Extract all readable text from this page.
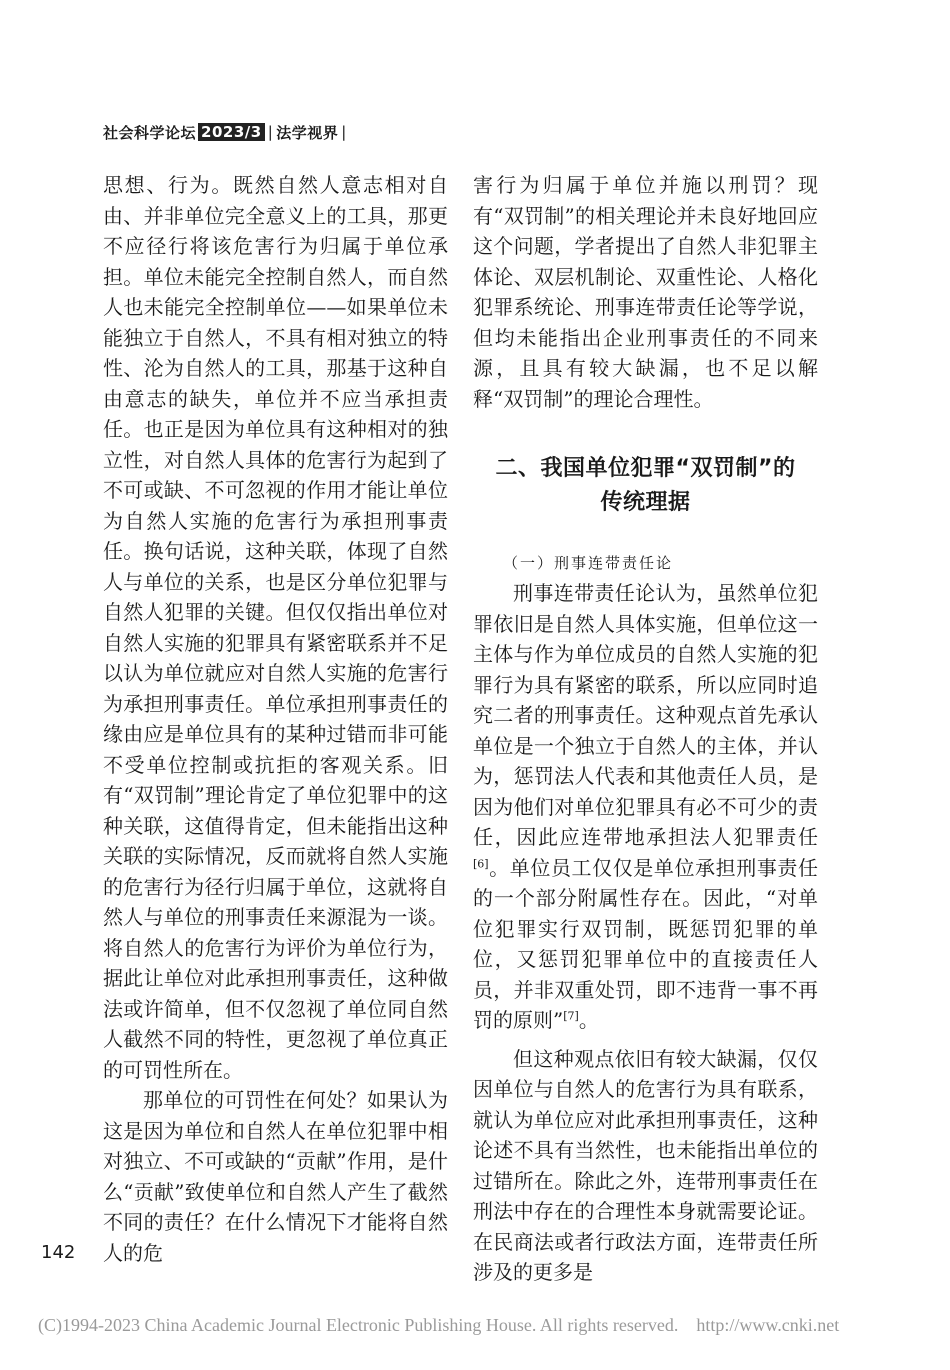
社会科学论坛 2023/3 | 法学视界 |

思想、行为。既然自然人意志相对自由、并非单位完全意义上的工具，那更不应径行将该危害行为归属于单位承担。单位未能完全控制自然人，而自然人也未能完全控制单位——如果单位未能独立于自然人，不具有相对独立的特性、沦为自然人的工具，那基于这种自由意志的缺失，单位并不应当承担责任。也正是因为单位具有这种相对的独立性，对自然人具体的危害行为起到了不可或缺、不可忽视的作用才能让单位为自然人实施的危害行为承担刑事责任。换句话说，这种关联，体现了自然人与单位的关系，也是区分单位犯罪与自然人犯罪的关键。但仅仅指出单位对自然人实施的犯罪具有紧密联系并不足以认为单位就应对自然人实施的危害行为承担刑事责任。单位承担刑事责任的缘由应是单位具有的某种过错而非可能不受单位控制或抗拒的客观关系。旧有“双罚制”理论肯定了单位犯罪中的这种关联，这值得肯定，但未能指出这种关联的实际情况，反而就将自然人实施的危害行为径行归属于单位，这就将自然人与单位的刑事责任来源混为一谈。将自然人的危害行为评价为单位行为，据此让单位对此承担刑事责任，这种做法或许简单，但不仅忽视了单位同自然人截然不同的特性，更忽视了单位真正的可罚性所在。

那单位的可罚性在何处？如果认为这是因为单位和自然人在单位犯罪中相对独立、不可或缺的“贡献”作用，是什么“贡献”致使单位和自然人产生了截然不同的责任？在什么情况下才能将自然人的危

害行为归属于单位并施以刑罚？现有“双罚制”的相关理论并未良好地回应这个问题，学者提出了自然人非犯罪主体论、双层机制论、双重性论、人格化犯罪系统论、刑事连带责任论等学说，但均未能指出企业刑事责任的不同来源，且具有较大缺漏，也不足以解释“双罚制”的理论合理性。

二、我国单位犯罪“双罚制”的
传统理据
（一）刑事连带责任论

刑事连带责任论认为，虽然单位犯罪依旧是自然人具体实施，但单位这一主体与作为单位成员的自然人实施的犯罪行为具有紧密的联系，所以应同时追究二者的刑事责任。这种观点首先承认单位是一个独立于自然人的主体，并认为，惩罚法人代表和其他责任人员，是因为他们对单位犯罪具有必不可少的责任，因此应连带地承担法人犯罪责任[6]。单位员工仅仅是单位承担刑事责任的一个部分附属性存在。因此，“对单位犯罪实行双罚制，既惩罚犯罪的单位，又惩罚犯罪单位中的直接责任人员，并非双重处罚，即不违背一事不再罚的原则”[7]。

但这种观点依旧有较大缺漏，仅仅因单位与自然人的危害行为具有联系，就认为单位应对此承担刑事责任，这种论述不具有当然性，也未能指出单位的过错所在。除此之外，连带刑事责任在刑法中存在的合理性本身就需要论证。在民商法或者行政法方面，连带责任所涉及的更多是

142
(C)1994-2023 China Academic Journal Electronic Publishing House. All rights reserved. http://www.cnki.net
